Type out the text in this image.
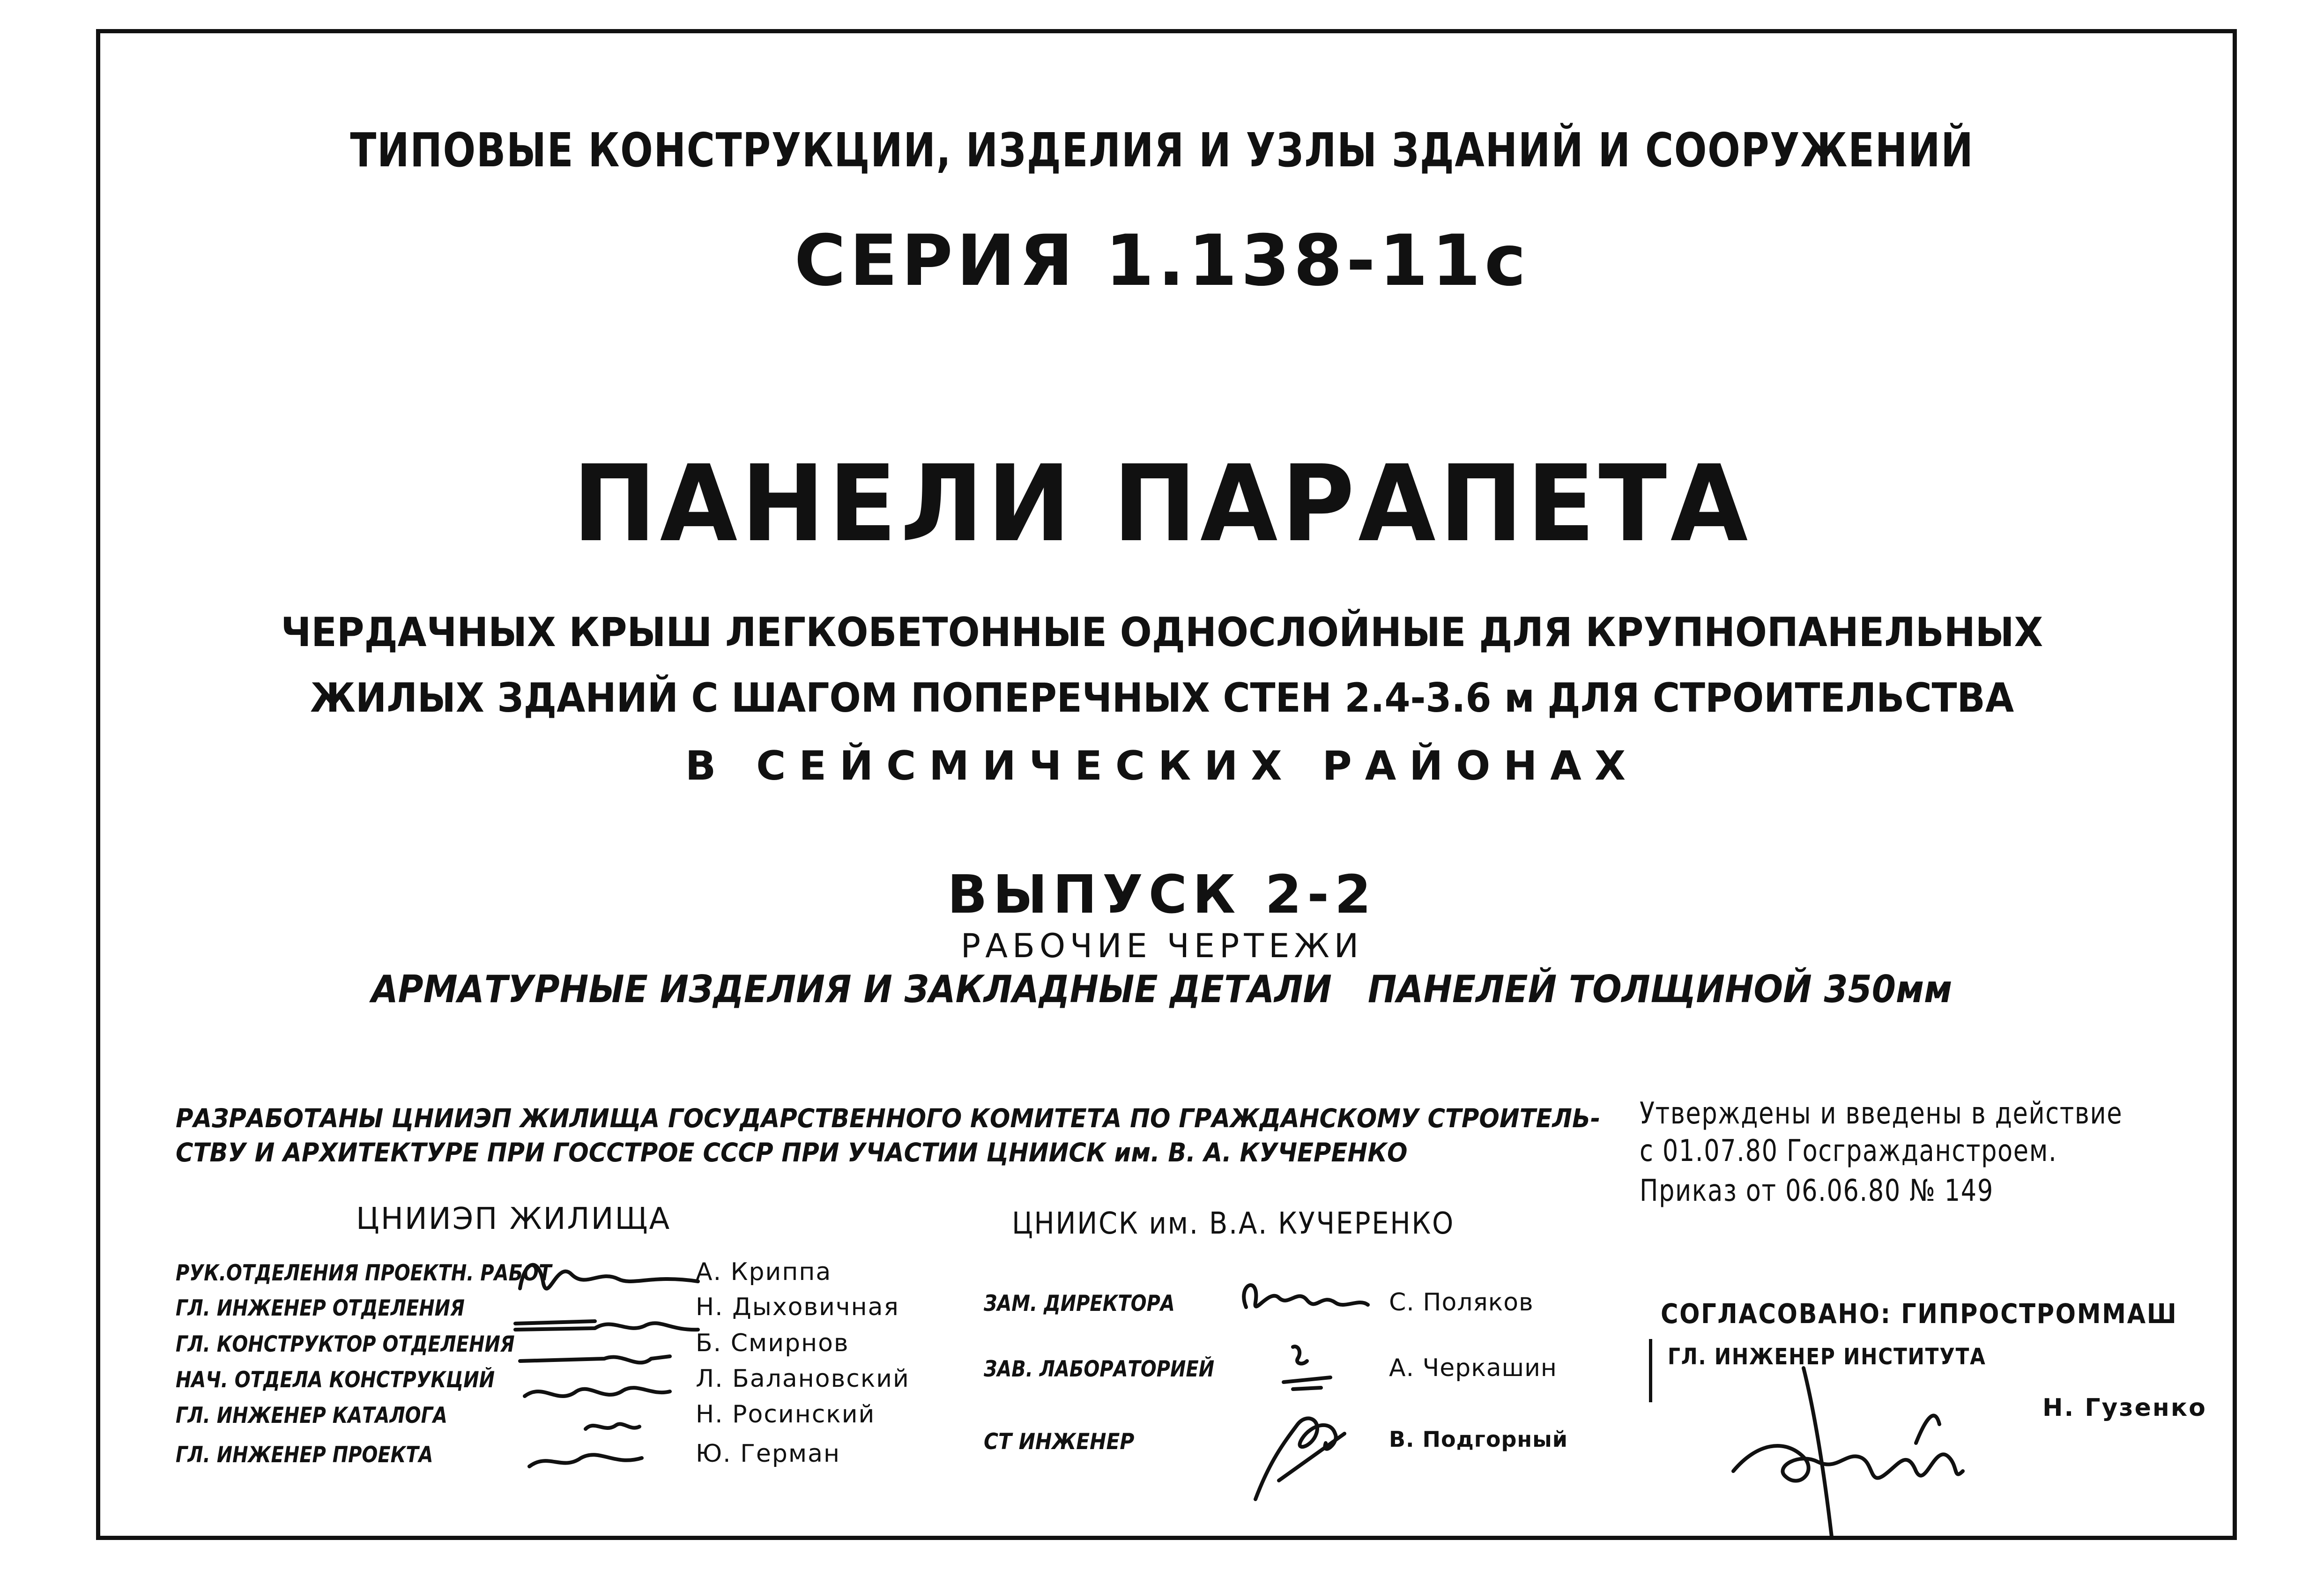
ТИПОВЫЕ КОНСТРУКЦИИ, ИЗДЕЛИЯ И УЗЛЫ ЗДАНИЙ И СООРУЖЕНИЙ
СЕРИЯ 1.138-11с
ПАНЕЛИ ПАРАПЕТА
ЧЕРДАЧНЫХ КРЫШ ЛЕГКОБЕТОННЫЕ ОДНОСЛОЙНЫЕ ДЛЯ КРУПНОПАНЕЛЬНЫХ
ЖИЛЫХ ЗДАНИЙ С ШАГОМ ПОПЕРЕЧНЫХ СТЕН 2.4-3.6 м ДЛЯ СТРОИТЕЛЬСТВА
В СЕЙСМИЧЕСКИХ РАЙОНАХ
ВЫПУСК 2-2
РАБОЧИЕ ЧЕРТЕЖИ
АРМАТУРНЫЕ ИЗДЕЛИЯ И ЗАКЛАДНЫЕ ДЕТАЛИ   ПАНЕЛЕЙ ТОЛЩИНОЙ 350мм
РАЗРАБОТАНЫ ЦНИИЭП ЖИЛИЩА ГОСУДАРСТВЕННОГО КОМИТЕТА ПО ГРАЖДАНСКОМУ СТРОИТЕЛЬ-
СТВУ И АРХИТЕКТУРЕ ПРИ ГОССТРОЕ СССР ПРИ УЧАСТИИ ЦНИИСК им. В. А. КУЧЕРЕНКО
Утверждены и введены в действие
с 01.07.80 Госгражданстроем.
Приказ от 06.06.80 № 149
ЦНИИЭП ЖИЛИЩА
РУК.ОТДЕЛЕНИЯ ПРОЕКТН. РАБОТ	А. Криппа
ГЛ. ИНЖЕНЕР ОТДЕЛЕНИЯ	Н. Дыховичная
ГЛ. КОНСТРУКТОР ОТДЕЛЕНИЯ	Б. Смирнов
НАЧ. ОТДЕЛА КОНСТРУКЦИЙ	Л. Балановский
ГЛ. ИНЖЕНЕР КАТАЛОГА	Н. Росинский
ГЛ. ИНЖЕНЕР ПРОЕКТА	Ю. Герман
ЦНИИСК им. В.А. КУЧЕРЕНКО
ЗАМ. ДИРЕКТОРА	С. Поляков
ЗАВ. ЛАБОРАТОРИЕЙ	А. Черкашин
СТ ИНЖЕНЕР	В. Подгорный
СОГЛАСОВАНО: ГИПРОСТРОММАШ
ГЛ. ИНЖЕНЕР ИНСТИТУТА
Н. Гузенко
